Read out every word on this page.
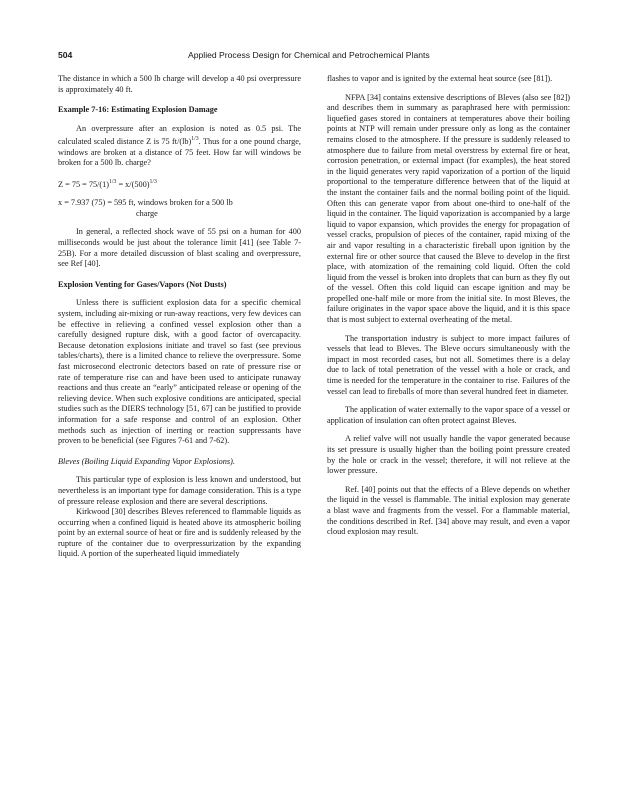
504	Applied Process Design for Chemical and Petrochemical Plants

The distance in which a 500 lb charge will develop a 40 psi overpressure is approximately 40 ft.

Example 7-16: Estimating Explosion Damage

An overpressure after an explosion is noted as 0.5 psi. The calculated scaled distance Z is 75 ft/(lb)$^{1/3}$. Thus for a one pound charge, windows are broken at a distance of 75 feet. How far will windows be broken for a 500 lb. charge?

$Z = 75 = 75/(1)^{1/3} = x/(500)^{1/3}$

x = 7.937 (75) = 595 ft, windows broken for a 500 lb

charge

In general, a reflected shock wave of 55 psi on a human for 400 milliseconds would be just about the tolerance limit [41] (see Table 7-25B). For a more detailed discussion of blast scaling and overpressure, see Ref [40].

Explosion Venting for Gases/Vapors (Not Dusts)

Unless there is sufficient explosion data for a specific chemical system, including air-mixing or run-away reactions, very few devices can be effective in relieving a confined vessel explosion other than a carefully designed rupture disk, with a good factor of overcapacity. Because detonation explosions initiate and travel so fast (see previous tables/charts), there is a limited chance to relieve the overpressure. Some fast microsecond electronic detectors based on rate of pressure rise or rate of temperature rise can and have been used to anticipate runaway reactions and thus create an “early” anticipated release or opening of the relieving device. When such explosive conditions are anticipated, special studies such as the DIERS technology [51, 67] can be justified to provide information for a safe response and control of an explosion. Other methods such as injection of inerting or reaction suppressants have proven to be beneficial (see Figures 7-61 and 7-62).

Bleves (Boiling Liquid Expanding Vapor Explosions).

This particular type of explosion is less known and understood, but nevertheless is an important type for damage consideration. This is a type of pressure release explosion and there are several descriptions.

Kirkwood [30] describes Bleves referenced to flammable liquids as occurring when a confined liquid is heated above its atmospheric boiling point by an external source of heat or fire and is suddenly released by the rupture of the container due to overpressurization by the expanding liquid. A portion of the superheated liquid immediately

flashes to vapor and is ignited by the external heat source (see [81]).

NFPA [34] contains extensive descriptions of Bleves (also see [82]) and describes them in summary as paraphrased here with permission: liquefied gases stored in containers at temperatures above their boiling points at NTP will remain under pressure only as long as the container remains closed to the atmosphere. If the pressure is suddenly released to atmosphere due to failure from metal overstress by external fire or heat, corrosion penetration, or external impact (for examples), the heat stored in the liquid generates very rapid vaporization of a portion of the liquid proportional to the temperature difference between that of the liquid at the instant the container fails and the normal boiling point of the liquid. Often this can generate vapor from about one-third to one-half of the liquid in the container. The liquid vaporization is accompanied by a large liquid to vapor expansion, which provides the energy for propagation of vessel cracks, propulsion of pieces of the container, rapid mixing of the air and vapor resulting in a characteristic fireball upon ignition by the external fire or other source that caused the Bleve to develop in the first place, with atomization of the remaining cold liquid. Often the cold liquid from the vessel is broken into droplets that can burn as they fly out of the vessel. Often this cold liquid can escape ignition and may be propelled one-half mile or more from the initial site. In most Bleves, the failure originates in the vapor space above the liquid, and it is this space that is most subject to external overheating of the metal.

The transportation industry is subject to more impact failures of vessels that lead to Bleves. The Bleve occurs simultaneously with the impact in most recorded cases, but not all. Sometimes there is a delay due to lack of total penetration of the vessel with a hole or crack, and time is needed for the temperature in the container to rise. Failures of the vessel can lead to fireballs of more than several hundred feet in diameter.

The application of water externally to the vapor space of a vessel or application of insulation can often protect against Bleves.

A relief valve will not usually handle the vapor generated because its set pressure is usually higher than the boiling point pressure created by the hole or crack in the vessel; therefore, it will not relieve at the lower pressure.

Ref. [40] points out that the effects of a Bleve depends on whether the liquid in the vessel is flammable. The initial explosion may generate a blast wave and fragments from the vessel. For a flammable material, the conditions described in Ref. [34] above may result, and even a vapor cloud explosion may result.
